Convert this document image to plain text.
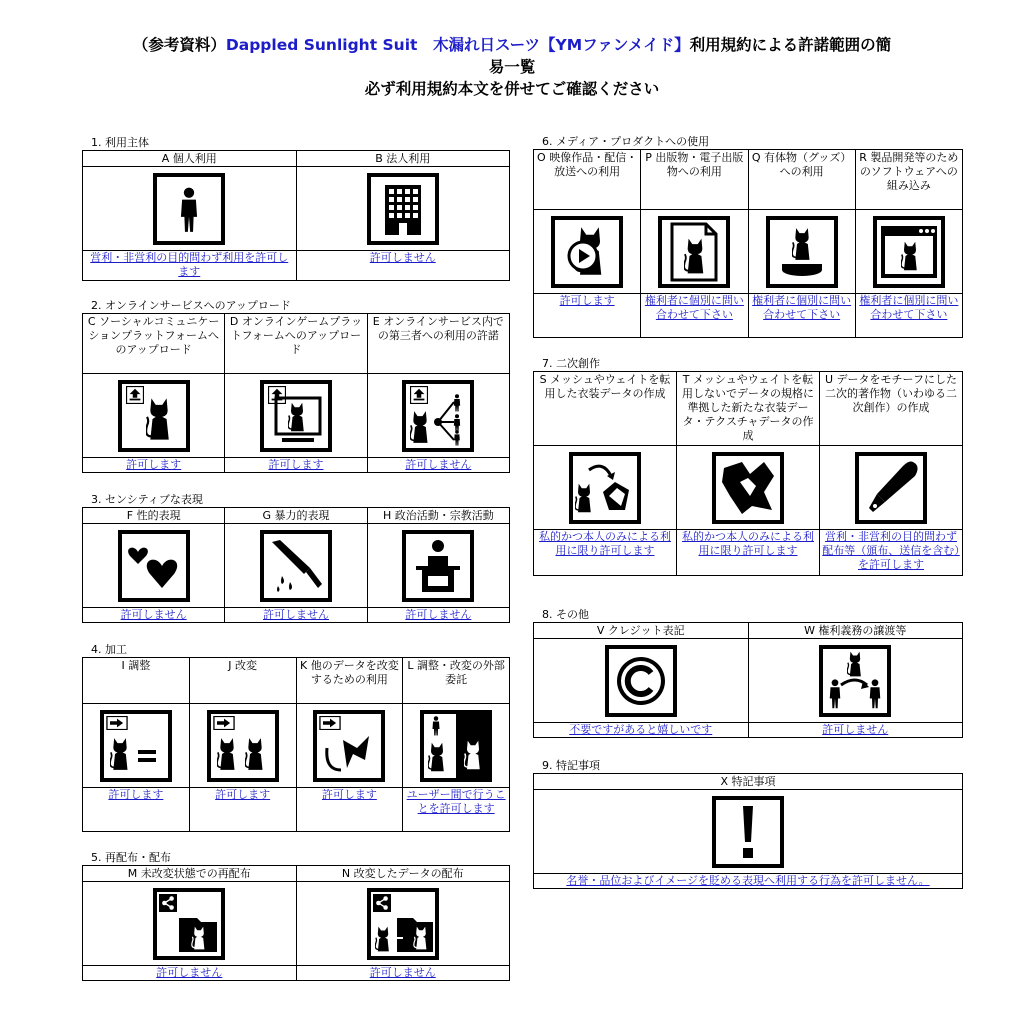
（参考資料）Dappled Sunlight Suit　木漏れ日スーツ【YMファンメイド】利用規約による許諾範囲の簡
易一覧
必ず利用規約本文を併せてご確認ください
1. 利用主体
A 個人利用	B 法人利用

営利・非営利の目的問わず利用を許可します	許可しません
2. オンラインサービスへのアップロード
C ソーシャルコミュニケーションプラットフォームへのアップロード	D オンラインゲームプラットフォームへのアップロード	E オンラインサービス内での第三者への利用の許諾

許可します	許可します	許可しません
3. センシティブな表現
F 性的表現	G 暴力的表現	H 政治活動・宗教活動

許可しません	許可しません	許可しません
4. 加工
I 調整	J 改変	K 他のデータを改変するための利用	L 調整・改変の外部委託

許可します	許可します	許可します	ユーザー間で行うことを許可します
5. 再配布・配布
M 未改変状態での再配布	N 改変したデータの配布

許可しません	許可しません
6. メディア・プロダクトへの使用
O 映像作品・配信・放送への利用	P 出版物・電子出版物への利用	Q 有体物（グッズ）への利用	R 製品開発等のためのソフトウェアへの組み込み

許可します	権利者に個別に問い合わせて下さい	権利者に個別に問い合わせて下さい	権利者に個別に問い合わせて下さい
7. 二次創作
S メッシュやウェイトを転用した衣装データの作成	T メッシュやウェイトを転用しないでデータの規格に準拠した新たな衣装データ・テクスチャデータの作成	U データをモチーフにした二次的著作物（いわゆる二次創作）の作成

私的かつ本人のみによる利用に限り許可します	私的かつ本人のみによる利用に限り許可します	営利・非営利の目的問わず配布等（頒布、送信を含む）を許可します
8. その他
V クレジット表記	W 権利義務の譲渡等

不要ですがあると嬉しいです	許可しません
9. 特記事項
X 特記事項

名誉・品位およびイメージを貶める表現へ利用する行為を許可しません。
